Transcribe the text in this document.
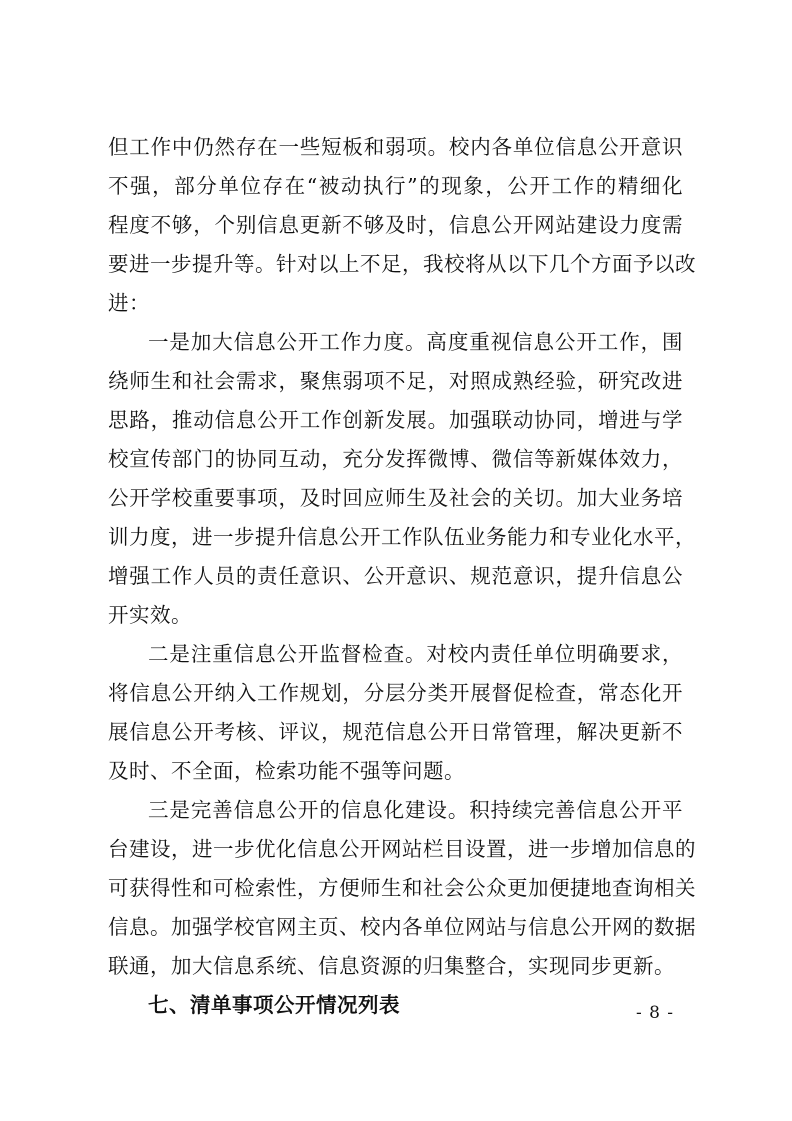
但工作中仍然存在一些短板和弱项。校内各单位信息公开意识
不强，部分单位存在“被动执行”的现象，公开工作的精细化
程度不够，个别信息更新不够及时，信息公开网站建设力度需
要进一步提升等。针对以上不足，我校将从以下几个方面予以改
进：
一是加大信息公开工作力度。高度重视信息公开工作，围
绕师生和社会需求，聚焦弱项不足，对照成熟经验，研究改进
思路，推动信息公开工作创新发展。加强联动协同，增进与学
校宣传部门的协同互动，充分发挥微博、微信等新媒体效力，
公开学校重要事项，及时回应师生及社会的关切。加大业务培
训力度，进一步提升信息公开工作队伍业务能力和专业化水平，
增强工作人员的责任意识、公开意识、规范意识，提升信息公
开实效。
二是注重信息公开监督检查。对校内责任单位明确要求，
将信息公开纳入工作规划，分层分类开展督促检查，常态化开
展信息公开考核、评议，规范信息公开日常管理，解决更新不
及时、不全面，检索功能不强等问题。
三是完善信息公开的信息化建设。积持续完善信息公开平
台建设，进一步优化信息公开网站栏目设置，进一步增加信息的
可获得性和可检索性，方便师生和社会公众更加便捷地查询相关
信息。加强学校官网主页、校内各单位网站与信息公开网的数据
联通，加大信息系统、信息资源的归集整合，实现同步更新。
七、清单事项公开情况列表	- 8 -
